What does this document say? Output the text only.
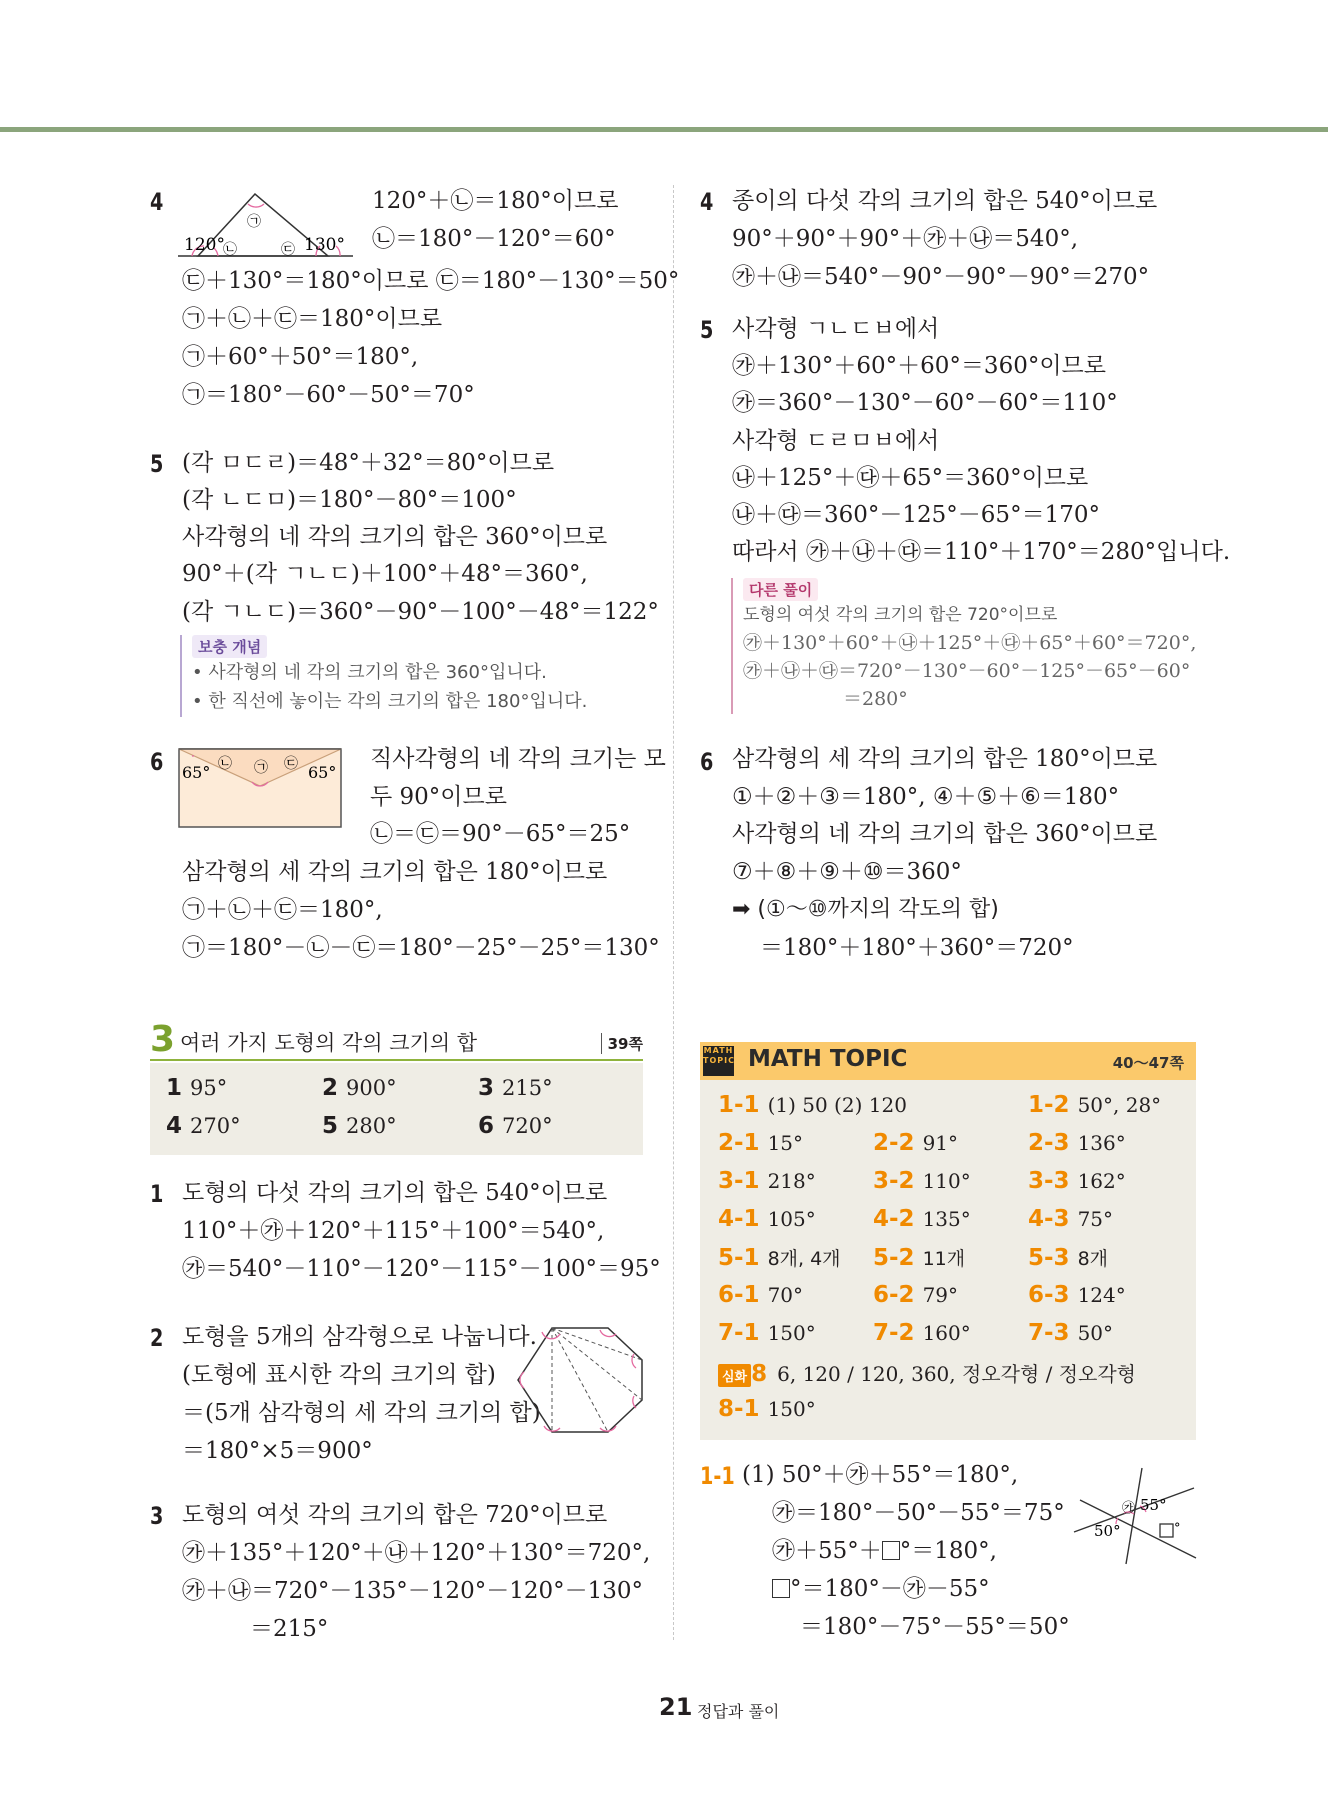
4
㉠
120°
㉡	㉢ 130°
120°＋㉡＝180°이므로
㉡＝180°－120°＝60°
㉢＋130°＝180°이므로 ㉢＝180°－130°＝50°
㉠＋㉡＋㉢＝180°이므로
㉠＋60°＋50°＝180°,
㉠＝180°－60°－50°＝70°
5 (각 ㅁㄷㄹ)＝48°＋32°＝80°이므로
(각 ㄴㄷㅁ)＝180°－80°＝100°
사각형의 네 각의 크기의 합은 360°이므로
90°＋(각 ㄱㄴㄷ)＋100°＋48°＝360°,
(각 ㄱㄴㄷ)＝360°－90°－100°－48°＝122°
보충 개념
• 사각형의 네 각의 크기의 합은 360°입니다.
• 한 직선에 놓이는 각의 크기의 합은 180°입니다.
6 65° ㉡ ㉠ ㉢ 65°
직사각형의 네 각의 크기는 모
두 90°이므로
㉡＝㉢＝90°－65°＝25°
삼각형의 세 각의 크기의 합은 180°이므로
㉠＋㉡＋㉢＝180°,
㉠＝180°－㉡－㉢＝180°－25°－25°＝130°
3 여러 가지 도형의 각의 크기의 합	39쪽
1 95°	2 900°	3 215°
4 270°	5 280°	6 720°
1 도형의 다섯 각의 크기의 합은 540°이므로
110°＋㉮＋120°＋115°＋100°＝540°,
㉮＝540°－110°－120°－115°－100°＝95°
2 도형을 5개의 삼각형으로 나눕니다.
(도형에 표시한 각의 크기의 합)
＝(5개 삼각형의 세 각의 크기의 합)
＝180°×5＝900°
3 도형의 여섯 각의 크기의 합은 720°이므로
㉮＋135°＋120°＋㉯＋120°＋130°＝720°,
㉮＋㉯＝720°－135°－120°－120°－130°
＝215°
4 종이의 다섯 각의 크기의 합은 540°이므로
90°＋90°＋90°＋㉮＋㉯＝540°,
㉮＋㉯＝540°－90°－90°－90°＝270°
5 사각형 ㄱㄴㄷㅂ에서
㉮＋130°＋60°＋60°＝360°이므로
㉮＝360°－130°－60°－60°＝110°
사각형 ㄷㄹㅁㅂ에서
㉯＋125°＋㉰＋65°＝360°이므로
㉯＋㉰＝360°－125°－65°＝170°
따라서 ㉮＋㉯＋㉰＝110°＋170°＝280°입니다.
다른 풀이
도형의 여섯 각의 크기의 합은 720°이므로
㉮＋130°＋60°＋㉯＋125°＋㉰＋65°＋60°＝720°,
㉮＋㉯＋㉰＝720°－130°－60°－125°－65°－60°
＝280°
6 삼각형의 세 각의 크기의 합은 180°이므로
①＋②＋③＝180°, ④＋⑤＋⑥＝180°
사각형의 네 각의 크기의 합은 360°이므로
⑦＋⑧＋⑨＋⑩＝360°
➡ (①～⑩까지의 각도의 합)
＝180°＋180°＋360°＝720°
MATH
TOPIC MATH TOPIC	40～47쪽
1-1 (1) 50 (2) 120	1-2 50°, 28°
2-1 15°	2-2 91°	2-3 136°
3-1 218° 3-2 110° 3-3 162°
4-1 105° 4-2 135° 4-3 75°
5-1 8개, 4개 5-2 11개	5-3 8개
6-1 70°	6-2 79°	6-3 124°
7-1 150° 7-2 160° 7-3 50°
심화 8 6, 120 / 120, 360, 정오각형 / 정오각형
8-1 150°
1-1 (1) 50°＋㉮＋55°＝180°,
㉮＝180°－50°－55°＝75°
㉮＋55°＋ °＝180°,
°＝180°－㉮－55°
＝180°－75°－55°＝50°
㉮ 55°
50°	°
21 정답과 풀이
